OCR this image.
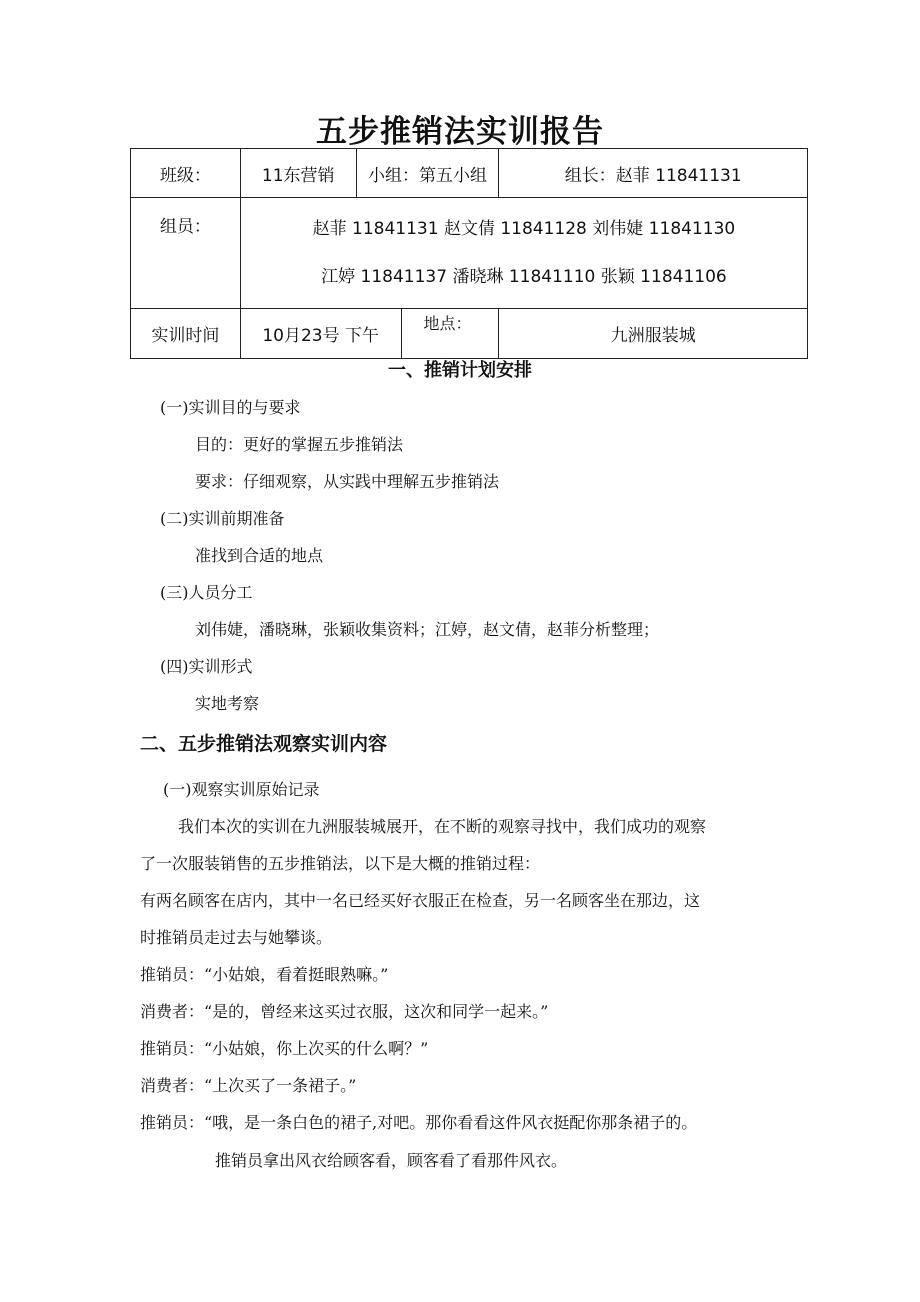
五步推销法实训报告
班级：	11东营销	小组：第五小组		组长：赵菲 11841131
组员：	赵菲 11841131 赵文倩 11841128 刘伟婕 11841130
江婷 11841137 潘晓琳 11841110 张颖 11841106			

实训时间	10月23号 下午		地点：	九洲服装城
一、推销计划安排
(一)实训目的与要求
目的：更好的掌握五步推销法
要求：仔细观察，从实践中理解五步推销法
(二)实训前期准备
准找到合适的地点
(三)人员分工
刘伟婕，潘晓琳，张颖收集资料；江婷，赵文倩，赵菲分析整理；
(四)实训形式
实地考察
二、五步推销法观察实训内容
(一)观察实训原始记录
我们本次的实训在九洲服装城展开，在不断的观察寻找中，我们成功的观察
了一次服装销售的五步推销法，以下是大概的推销过程：
有两名顾客在店内，其中一名已经买好衣服正在检查，另一名顾客坐在那边，这
时推销员走过去与她攀谈。
推销员：“小姑娘，看着挺眼熟嘛。”
消费者：“是的，曾经来这买过衣服，这次和同学一起来。”
推销员：“小姑娘，你上次买的什么啊？”
消费者：“上次买了一条裙子。”
推销员：“哦，是一条白色的裙子,对吧。那你看看这件风衣挺配你那条裙子的。
推销员拿出风衣给顾客看，顾客看了看那件风衣。
